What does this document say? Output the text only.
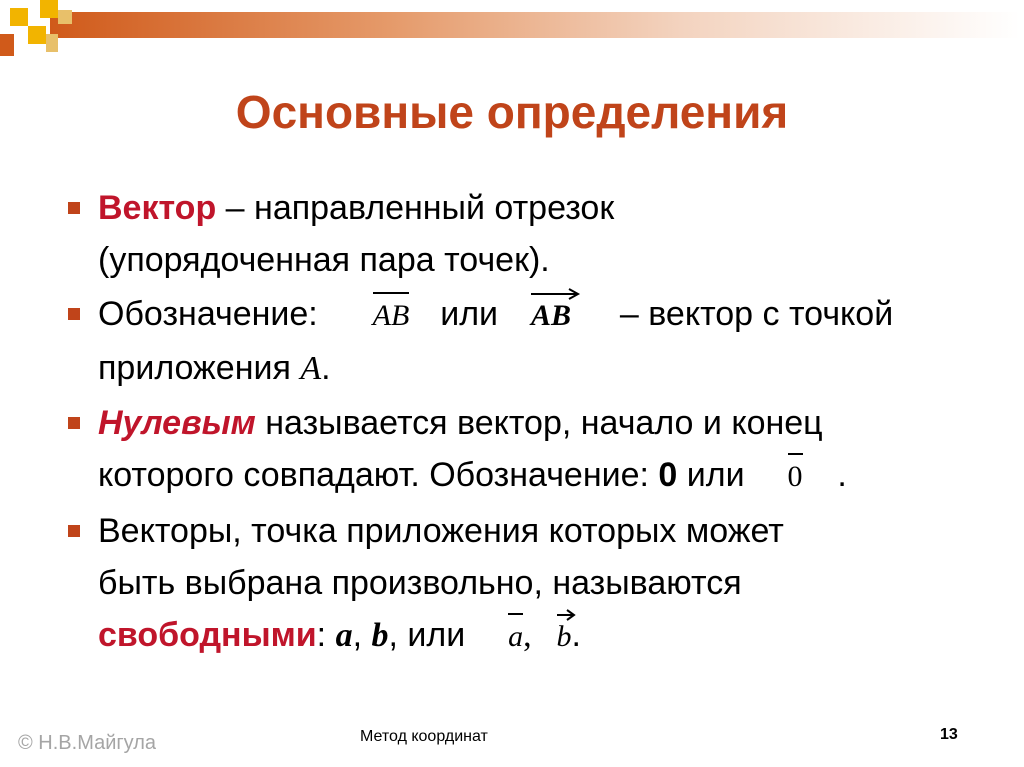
Основные определения
Вектор – направленный отрезок
(упорядоченная пара точек).
Обозначение: AB или AB – вектор с точкой
приложения A.
Нулевым называется вектор, начало и конец
которого совпадают. Обозначение: 0 или 0 .
Векторы, точка приложения которых может
быть выбрана произвольно, называются
свободными: a, b, или a, b.
© Н.В.Майгула	Метод координат	13
